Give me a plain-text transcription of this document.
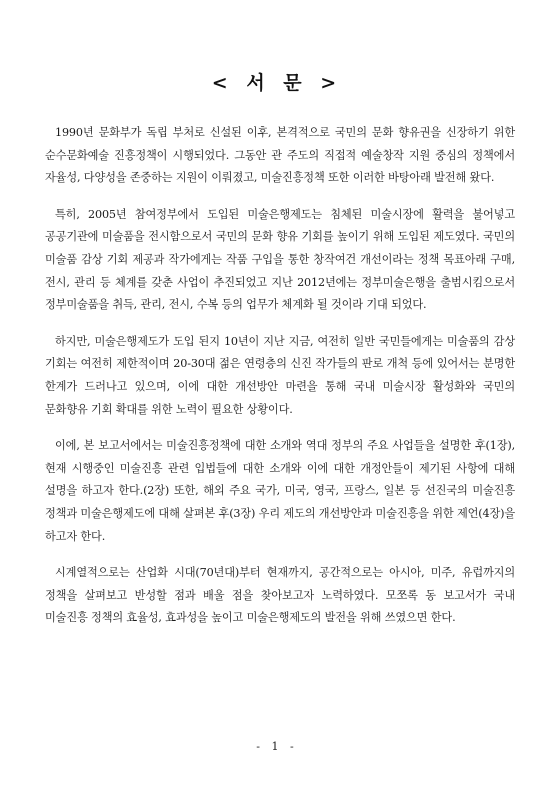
< 서 문 >

1990년 문화부가 독립 부처로 신설된 이후, 본격적으로 국민의 문화 향유권을 신장하기 위한 순수문화예술 진흥정책이 시행되었다. 그동안 관 주도의 직접적 예술창작 지원 중심의 정책에서 자율성, 다양성을 존중하는 지원이 이뤄졌고, 미술진흥정책 또한 이러한 바탕아래 발전해 왔다.

특히, 2005년 참여정부에서 도입된 미술은행제도는 침체된 미술시장에 활력을 불어넣고 공공기관에 미술품을 전시함으로서 국민의 문화 향유 기회를 높이기 위해 도입된 제도였다. 국민의 미술품 감상 기회 제공과 작가에게는 작품 구입을 통한 창작여건 개선이라는 정책 목표아래 구매, 전시, 관리 등 체계를 갖춘 사업이 추진되었고 지난 2012년에는 정부미술은행을 출범시킴으로서 정부미술품을 취득, 관리, 전시, 수복 등의 업무가 체계화 될 것이라 기대 되었다.

하지만, 미술은행제도가 도입 된지 10년이 지난 지금, 여전히 일반 국민들에게는 미술품의 감상 기회는 여전히 제한적이며 20-30대 젊은 연령층의 신진 작가들의 판로 개척 등에 있어서는 분명한 한계가 드러나고 있으며, 이에 대한 개선방안 마련을 통해 국내 미술시장 활성화와 국민의 문화향유 기회 확대를 위한 노력이 필요한 상황이다.

이에, 본 보고서에서는 미술진흥정책에 대한 소개와 역대 정부의 주요 사업들을 설명한 후(1장), 현재 시행중인 미술진흥 관련 입법들에 대한 소개와 이에 대한 개정안들이 제기된 사항에 대해 설명을 하고자 한다.(2장) 또한, 해외 주요 국가, 미국, 영국, 프랑스, 일본 등 선진국의 미술진흥 정책과 미술은행제도에 대해 살펴본 후(3장) 우리 제도의 개선방안과 미술진흥을 위한 제언(4장)을 하고자 한다.

시계열적으로는 산업화 시대(70년대)부터 현재까지, 공간적으로는 아시아, 미주, 유럽까지의 정책을 살펴보고 반성할 점과 배울 점을 찾아보고자 노력하였다. 모쪼록 동 보고서가 국내 미술진흥 정책의 효율성, 효과성을 높이고 미술은행제도의 발전을 위해 쓰였으면 한다.

- 1 -
